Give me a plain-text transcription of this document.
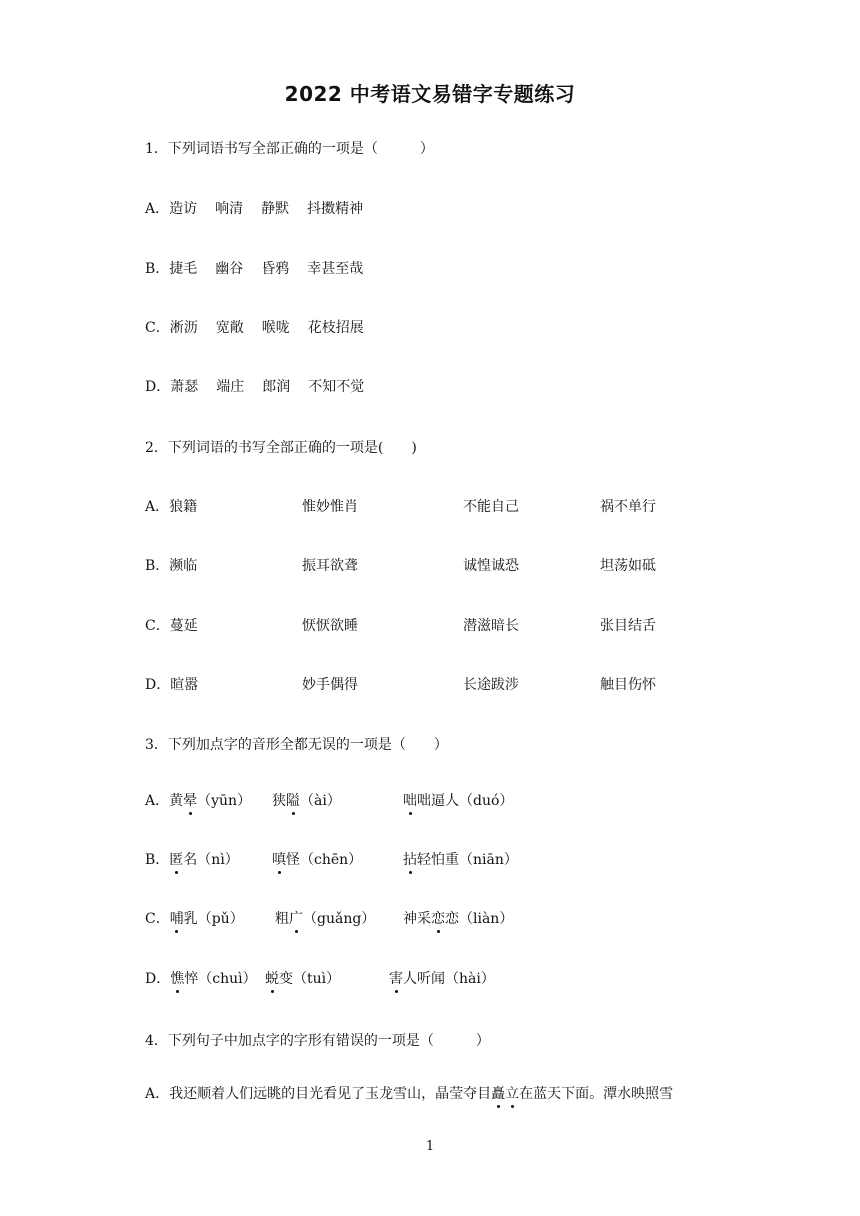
2022 中考语文易错字专题练习
1．下列词语书写全部正确的一项是（　　　）
A．造访 响清 静默 抖擞精神
B．捷毛 幽谷 昏鸦 幸甚至哉
C．淅沥 宽敞 喉咙 花枝招展
D．萧瑟 端庄 郎润 不知不觉
2．下列词语的书写全部正确的一项是(　　)
A．狼籍	惟妙惟肖	不能自己	祸不单行
B．濒临	振耳欲聋	诚惶诚恐	坦荡如砥
C．蔓延	恹恹欲睡	潜滋暗长	张目结舌
D．暄嚣	妙手偶得	长途跋涉	触目伤怀
3．下列加点字的音形全都无误的一项是（　　）
A．黄晕（yūn） 狭隘（ài）	咄咄逼人（duó）
B．匿名（nì） 嗔怪（chēn）	拈轻怕重（niān）
C．哺乳（pǔ） 粗广（guǎng） 神采恋恋（liàn）
D．憔悴（chuì） 蜕变（tuì）	害人听闻（hài）
4．下列句子中加点字的字形有错误的一项是（　　　）
A．我还顺着人们远眺的目光看见了玉龙雪山，晶莹夺目矗立在蓝天下面。潭水映照雪
1
